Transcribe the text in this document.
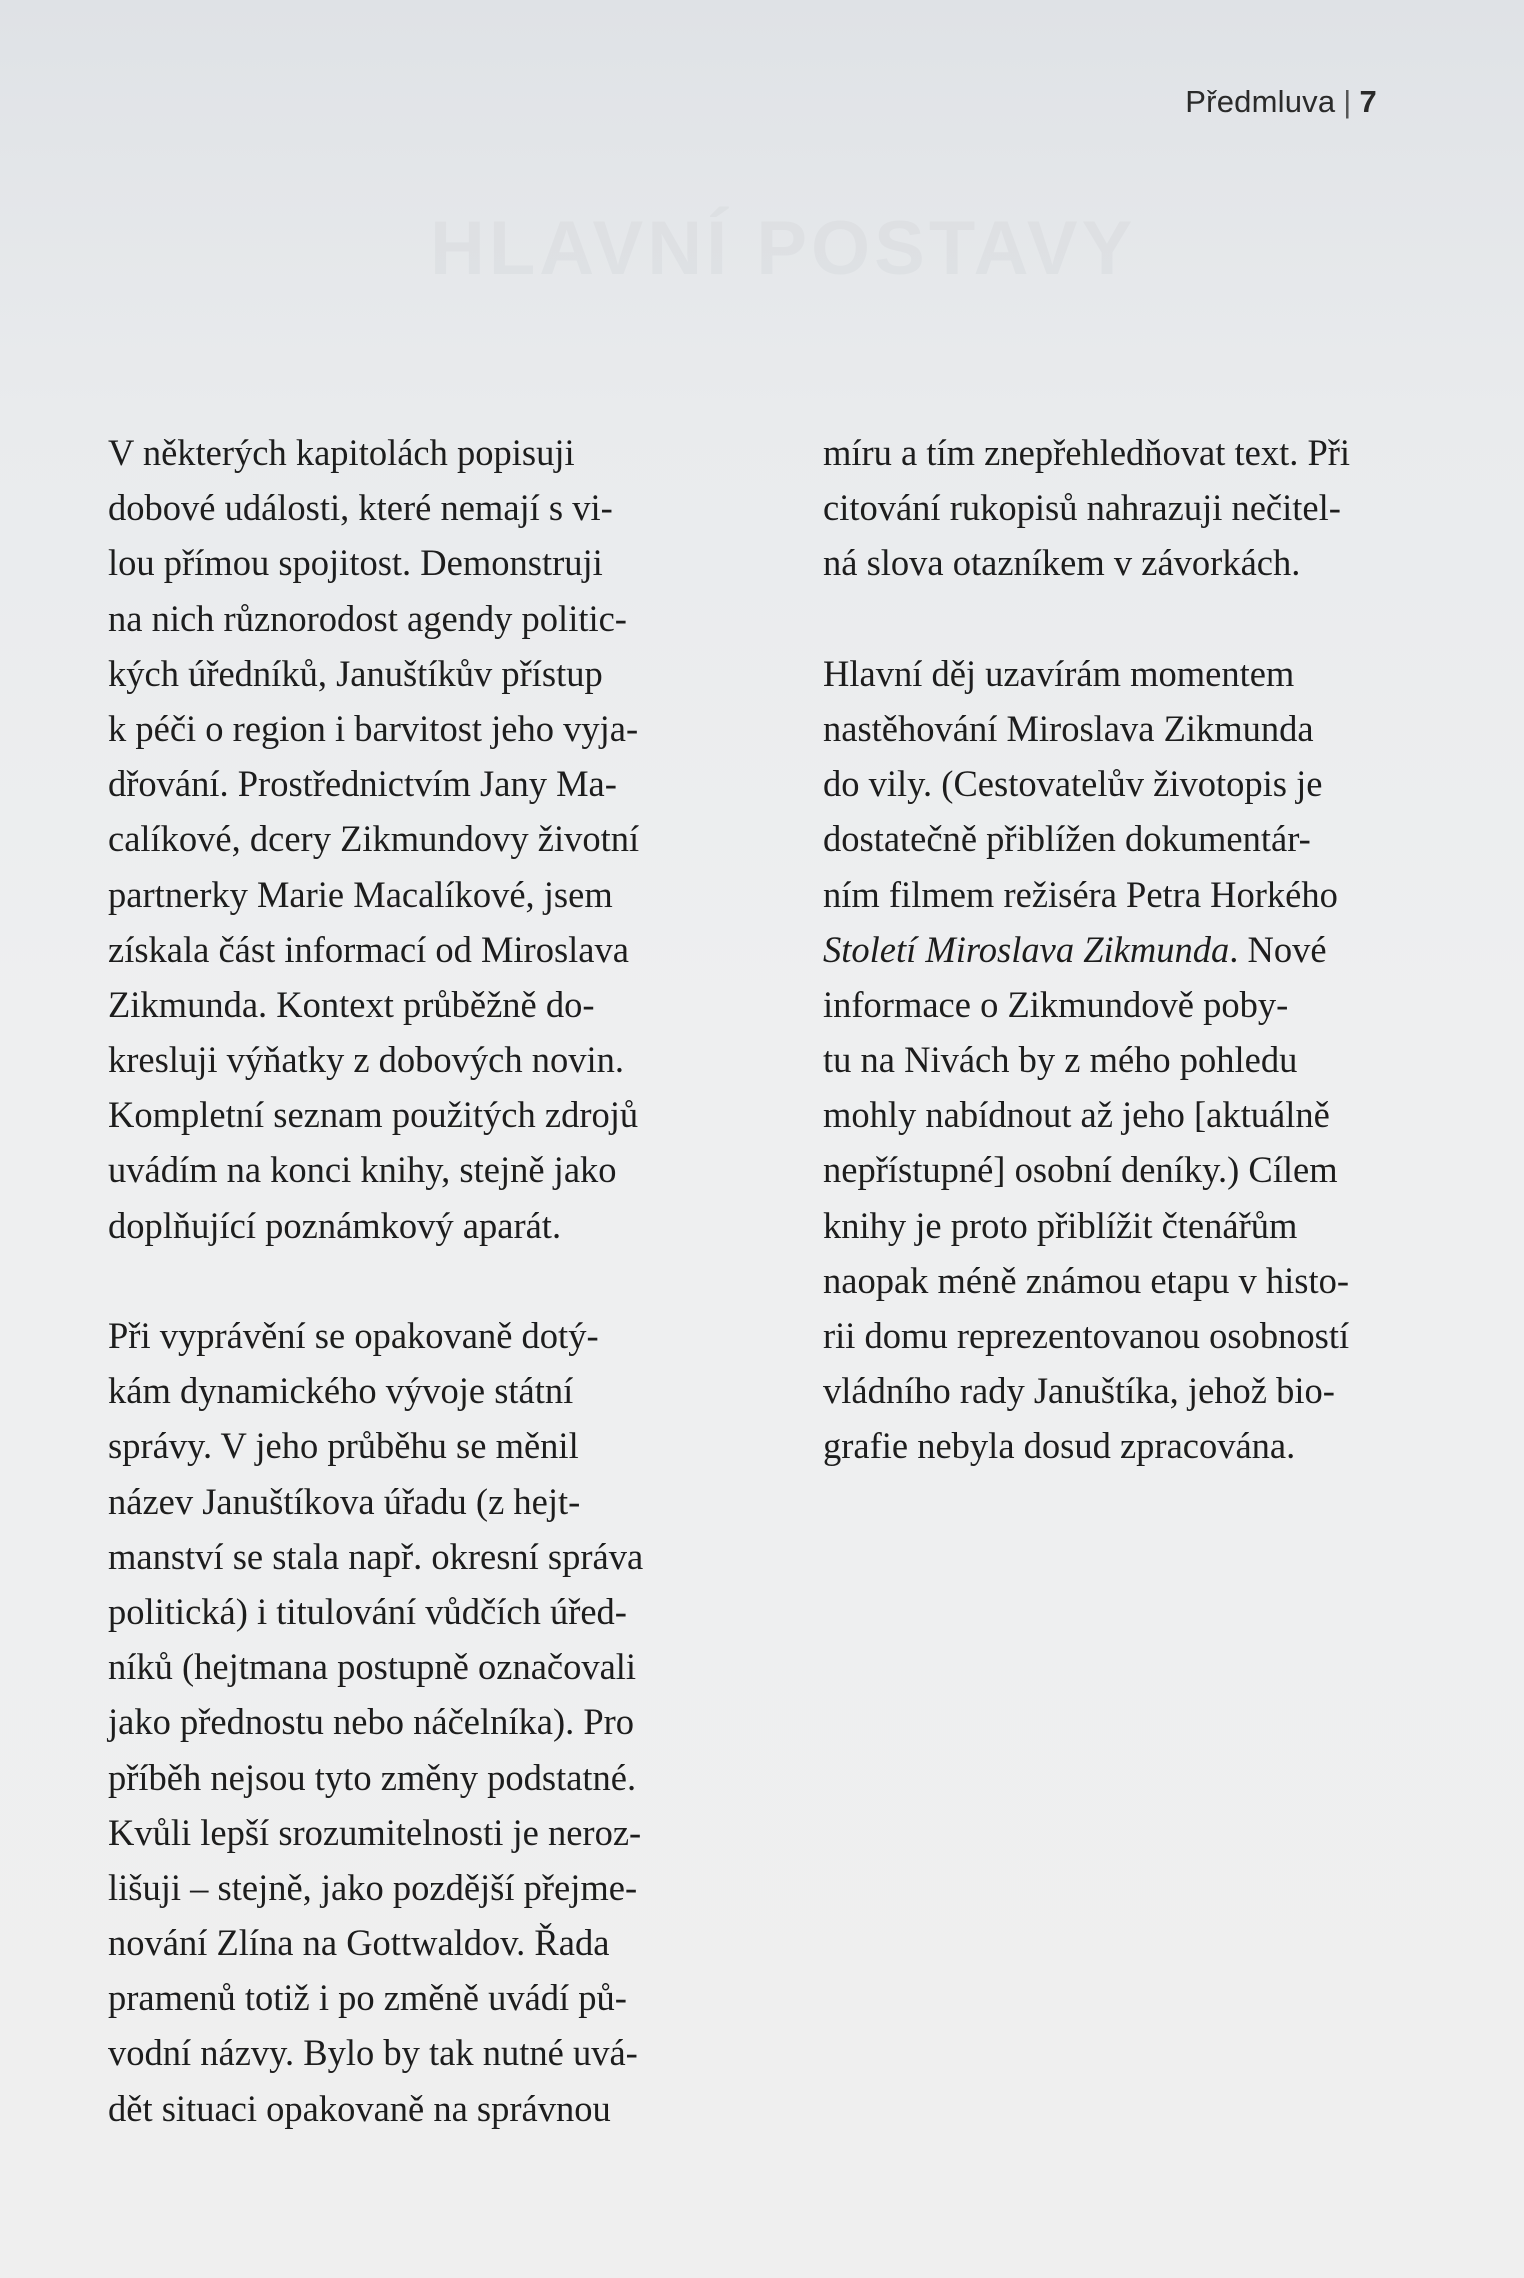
Předmluva | 7
HLAVNÍ POSTAVY
V některých kapitolách popisuji
dobové události, které nemají s vi-
lou přímou spojitost. Demonstruji
na nich různorodost agendy politic-
kých úředníků, Januštíkův přístup
k péči o region i barvitost jeho vyja-
dřování. Prostřednictvím Jany Ma-
calíkové, dcery Zikmundovy životní
partnerky Marie Macalíkové, jsem
získala část informací od Miroslava
Zikmunda. Kontext průběžně do-
kresluji výňatky z dobových novin.
Kompletní seznam použitých zdrojů
uvádím na konci knihy, stejně jako
doplňující poznámkový aparát.
Při vyprávění se opakovaně dotý-
kám dynamického vývoje státní
správy. V jeho průběhu se měnil
název Januštíkova úřadu (z hejt-
manství se stala např. okresní správa
politická) i titulování vůdčích úřed-
níků (hejtmana postupně označovali
jako přednostu nebo náčelníka). Pro
příběh nejsou tyto změny podstatné.
Kvůli lepší srozumitelnosti je neroz-
lišuji – stejně, jako pozdější přejme-
nování Zlína na Gottwaldov. Řada
pramenů totiž i po změně uvádí pů-
vodní názvy. Bylo by tak nutné uvá-
dět situaci opakovaně na správnou
míru a tím znepřehledňovat text. Při
citování rukopisů nahrazuji nečitel-
ná slova otazníkem v závorkách.
Hlavní děj uzavírám momentem
nastěhování Miroslava Zikmunda
do vily. (Cestovatelův životopis je
dostatečně přiblížen dokumentár-
ním filmem režiséra Petra Horkého
Století Miroslava Zikmunda. Nové
informace o Zikmundově poby-
tu na Nivách by z mého pohledu
mohly nabídnout až jeho [aktuálně
nepřístupné] osobní deníky.) Cílem
knihy je proto přiblížit čtenářům
naopak méně známou etapu v histo-
rii domu reprezentovanou osobností
vládního rady Januštíka, jehož bio-
grafie nebyla dosud zpracována.
